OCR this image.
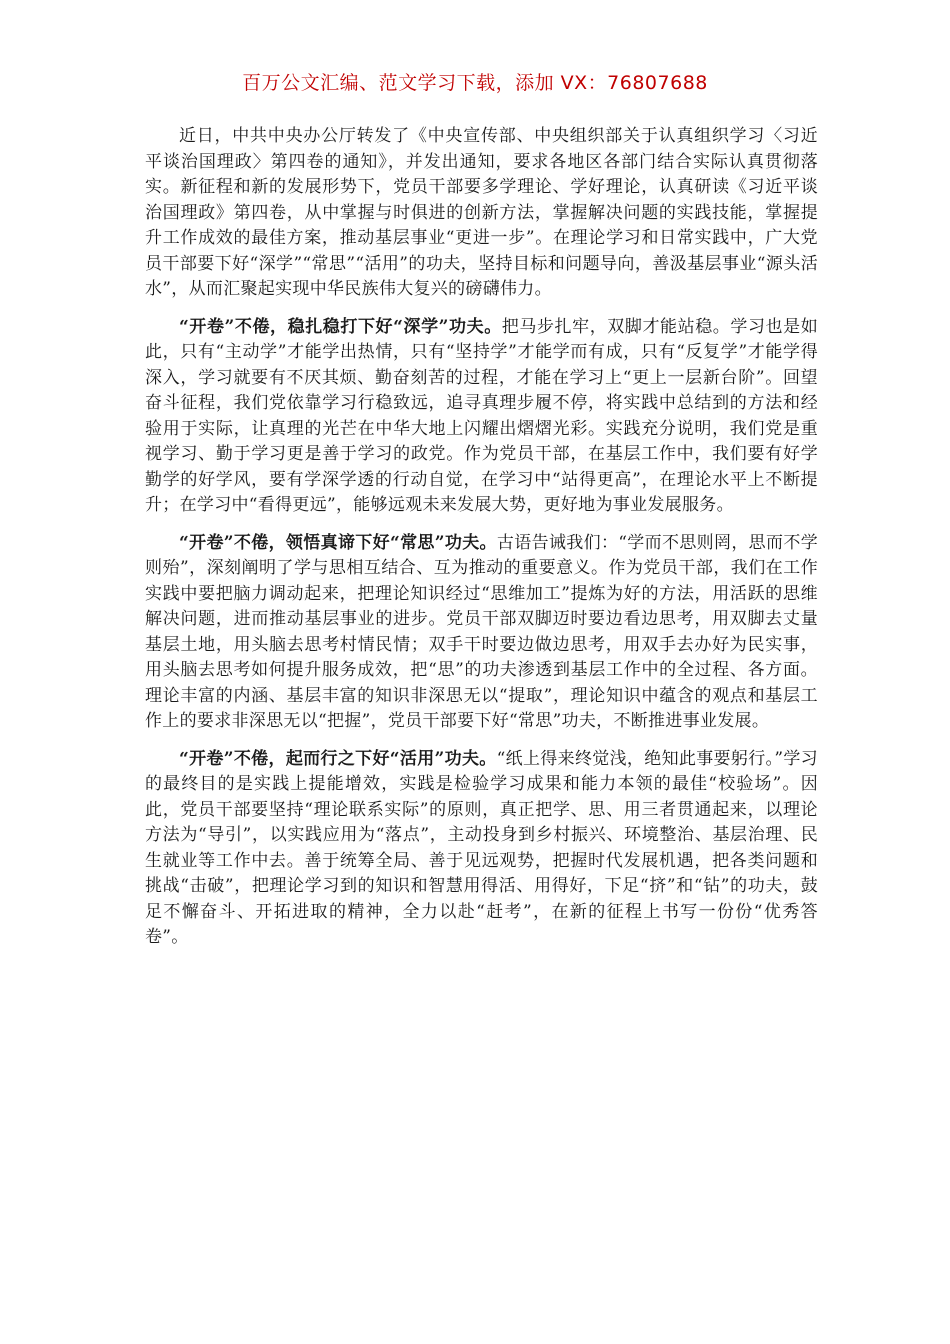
百万公文汇编、范文学习下载，添加 VX：76807688

近日，中共中央办公厅转发了《中央宣传部、中央组织部关于认真组织学习〈习近平谈治国理政〉第四卷的通知》，并发出通知，要求各地区各部门结合实际认真贯彻落实。新征程和新的发展形势下，党员干部要多学理论、学好理论，认真研读《习近平谈治国理政》第四卷，从中掌握与时俱进的创新方法，掌握解决问题的实践技能，掌握提升工作成效的最佳方案，推动基层事业“更进一步”。在理论学习和日常实践中，广大党员干部要下好“深学”“常思”“活用”的功夫，坚持目标和问题导向，善汲基层事业“源头活水”，从而汇聚起实现中华民族伟大复兴的磅礴伟力。

“开卷”不倦，稳扎稳打下好“深学”功夫。把马步扎牢，双脚才能站稳。学习也是如此，只有“主动学”才能学出热情，只有“坚持学”才能学而有成，只有“反复学”才能学得深入，学习就要有不厌其烦、勤奋刻苦的过程，才能在学习上“更上一层新台阶”。回望奋斗征程，我们党依靠学习行稳致远，追寻真理步履不停，将实践中总结到的方法和经验用于实际，让真理的光芒在中华大地上闪耀出熠熠光彩。实践充分说明，我们党是重视学习、勤于学习更是善于学习的政党。作为党员干部，在基层工作中，我们要有好学勤学的好学风，要有学深学透的行动自觉，在学习中“站得更高”，在理论水平上不断提升；在学习中“看得更远”，能够远观未来发展大势，更好地为事业发展服务。

“开卷”不倦，领悟真谛下好“常思”功夫。古语告诫我们：“学而不思则罔，思而不学则殆”，深刻阐明了学与思相互结合、互为推动的重要意义。作为党员干部，我们在工作实践中要把脑力调动起来，把理论知识经过“思维加工”提炼为好的方法，用活跃的思维解决问题，进而推动基层事业的进步。党员干部双脚迈时要边看边思考，用双脚去丈量基层土地，用头脑去思考村情民情；双手干时要边做边思考，用双手去办好为民实事，用头脑去思考如何提升服务成效，把“思”的功夫渗透到基层工作中的全过程、各方面。理论丰富的内涵、基层丰富的知识非深思无以“提取”，理论知识中蕴含的观点和基层工作上的要求非深思无以“把握”，党员干部要下好“常思”功夫，不断推进事业发展。

“开卷”不倦，起而行之下好“活用”功夫。“纸上得来终觉浅，绝知此事要躬行。”学习的最终目的是实践上提能增效，实践是检验学习成果和能力本领的最佳“校验场”。因此，党员干部要坚持“理论联系实际”的原则，真正把学、思、用三者贯通起来，以理论方法为“导引”，以实践应用为“落点”，主动投身到乡村振兴、环境整治、基层治理、民生就业等工作中去。善于统筹全局、善于见远观势，把握时代发展机遇，把各类问题和挑战“击破”，把理论学习到的知识和智慧用得活、用得好，下足“挤”和“钻”的功夫，鼓足不懈奋斗、开拓进取的精神，全力以赴“赶考”，在新的征程上书写一份份“优秀答卷”。
